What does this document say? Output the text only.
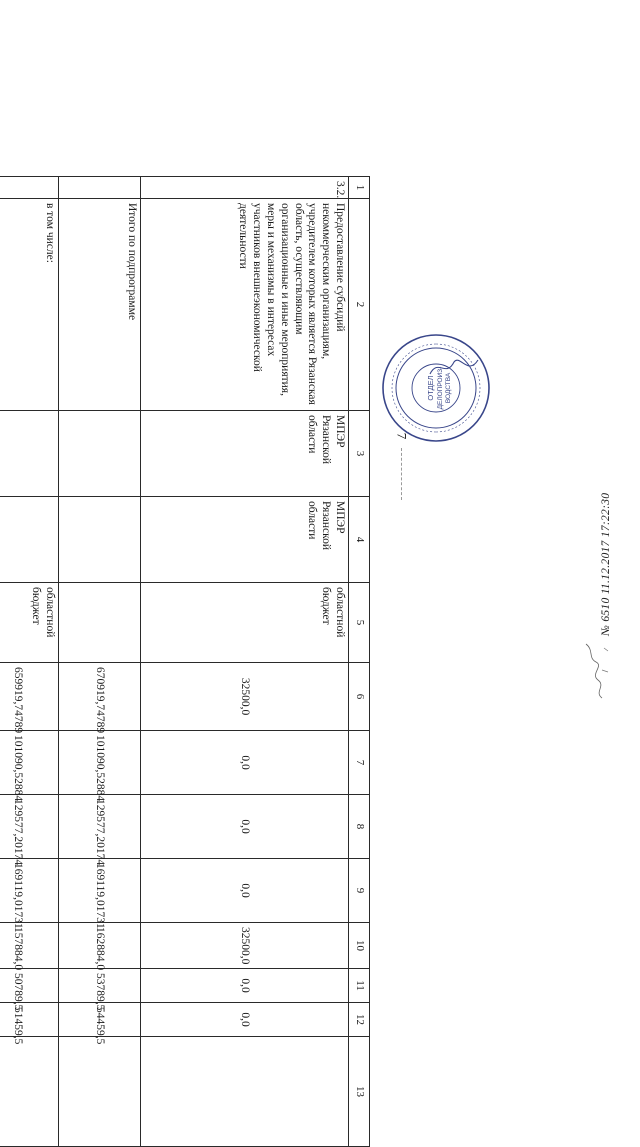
7
1	2	3	4	5	6	7	8	9	10	11	12	13
3.2.	Предоставление субсидий некоммерческим организациям, учредителем которых является Рязанская область, осуществляющим организационные и иные мероприятия, меры и механизмы в интересах участников внешнеэкономической деятельности	МПЭР Рязанской области	МПЭР Рязанской области	областной бюджет	32500,0	0,0	0,0	0,0	32500,0	0,0	0,0	
	Итого по подпрограмме				670919,74789	101090,52884	129577,20174	169119,01731	162884,0	53789,5	54459,5	
	в том числе:			областной бюджет	659919,74789	101090,52884	129577,20174	169119,01731	157884,0	50789,5	51459,5	

ОТДЕЛ ДЕЛОПРОИЗ- ВОДСТВА
№ 6510 11.12.2017 17:22:30
